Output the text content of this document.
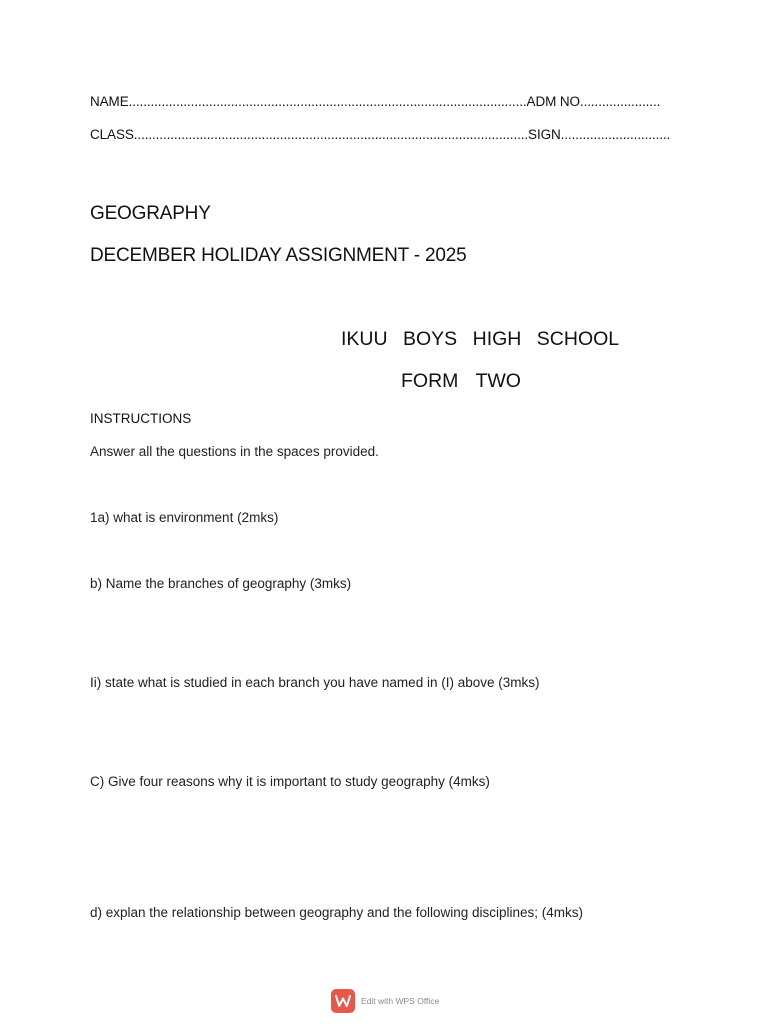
NAME.............................................................................................................ADM NO......................
CLASS............................................................................................................SIGN..............................
GEOGRAPHY
DECEMBER HOLIDAY ASSIGNMENT - 2025
IKUU BOYS HIGH SCHOOL
FORM TWO
INSTRUCTIONS
Answer all the questions in the spaces provided.
1a) what is environment (2mks)
b) Name the branches of geography (3mks)
Ii) state what is studied in each branch you have named in (I) above (3mks)
C) Give four reasons why it is important to study geography (4mks)
d) explan the relationship between geography and the following disciplines; (4mks)
Edit with WPS Office
